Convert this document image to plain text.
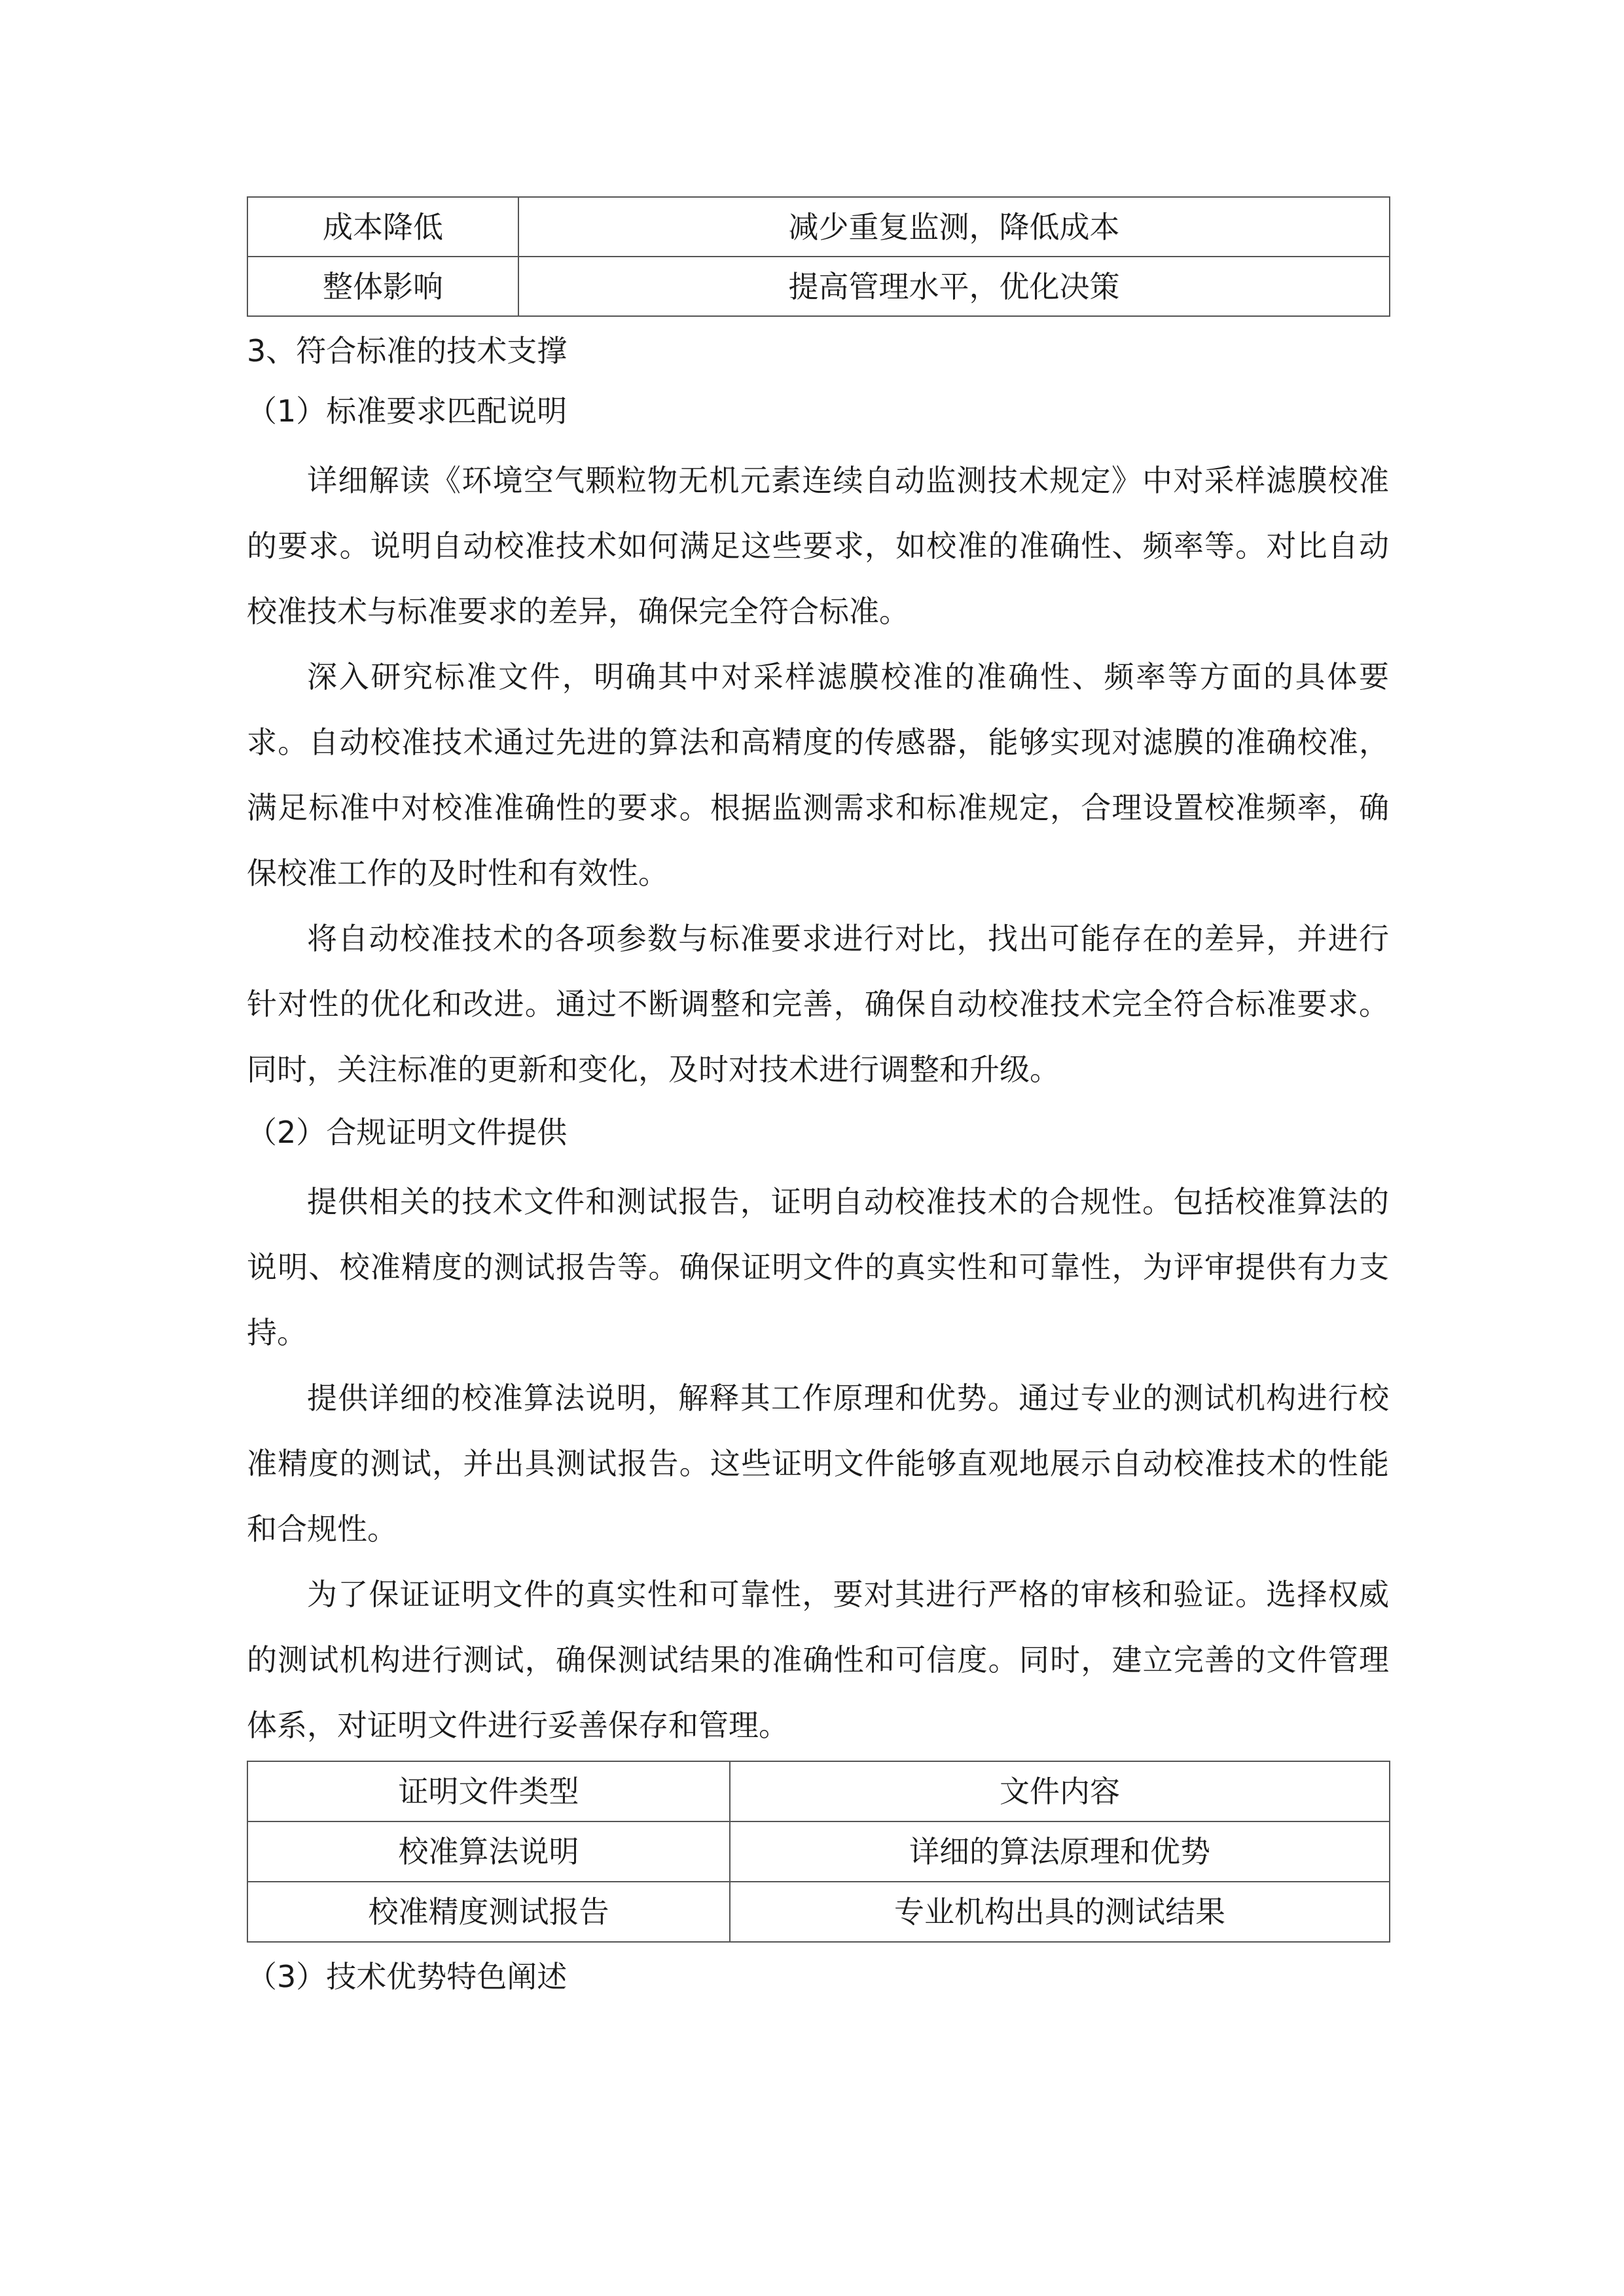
成本降低	减少重复监测，降低成本
整体影响	提高管理水平，优化决策
3、符合标准的技术支撑
（1）标准要求匹配说明

详细解读《环境空气颗粒物无机元素连续自动监测技术规定》中对采样滤膜校准的要求。说明自动校准技术如何满足这些要求，如校准的准确性、频率等。对比自动校准技术与标准要求的差异，确保完全符合标准。

深入研究标准文件，明确其中对采样滤膜校准的准确性、频率等方面的具体要求。自动校准技术通过先进的算法和高精度的传感器，能够实现对滤膜的准确校准，满足标准中对校准准确性的要求。根据监测需求和标准规定，合理设置校准频率，确保校准工作的及时性和有效性。

将自动校准技术的各项参数与标准要求进行对比，找出可能存在的差异，并进行针对性的优化和改进。通过不断调整和完善，确保自动校准技术完全符合标准要求。同时，关注标准的更新和变化，及时对技术进行调整和升级。

（2）合规证明文件提供

提供相关的技术文件和测试报告，证明自动校准技术的合规性。包括校准算法的说明、校准精度的测试报告等。确保证明文件的真实性和可靠性，为评审提供有力支持。

提供详细的校准算法说明，解释其工作原理和优势。通过专业的测试机构进行校准精度的测试，并出具测试报告。这些证明文件能够直观地展示自动校准技术的性能和合规性。

为了保证证明文件的真实性和可靠性，要对其进行严格的审核和验证。选择权威的测试机构进行测试，确保测试结果的准确性和可信度。同时，建立完善的文件管理体系，对证明文件进行妥善保存和管理。

证明文件类型	文件内容
校准算法说明	详细的算法原理和优势
校准精度测试报告	专业机构出具的测试结果
（3）技术优势特色阐述
